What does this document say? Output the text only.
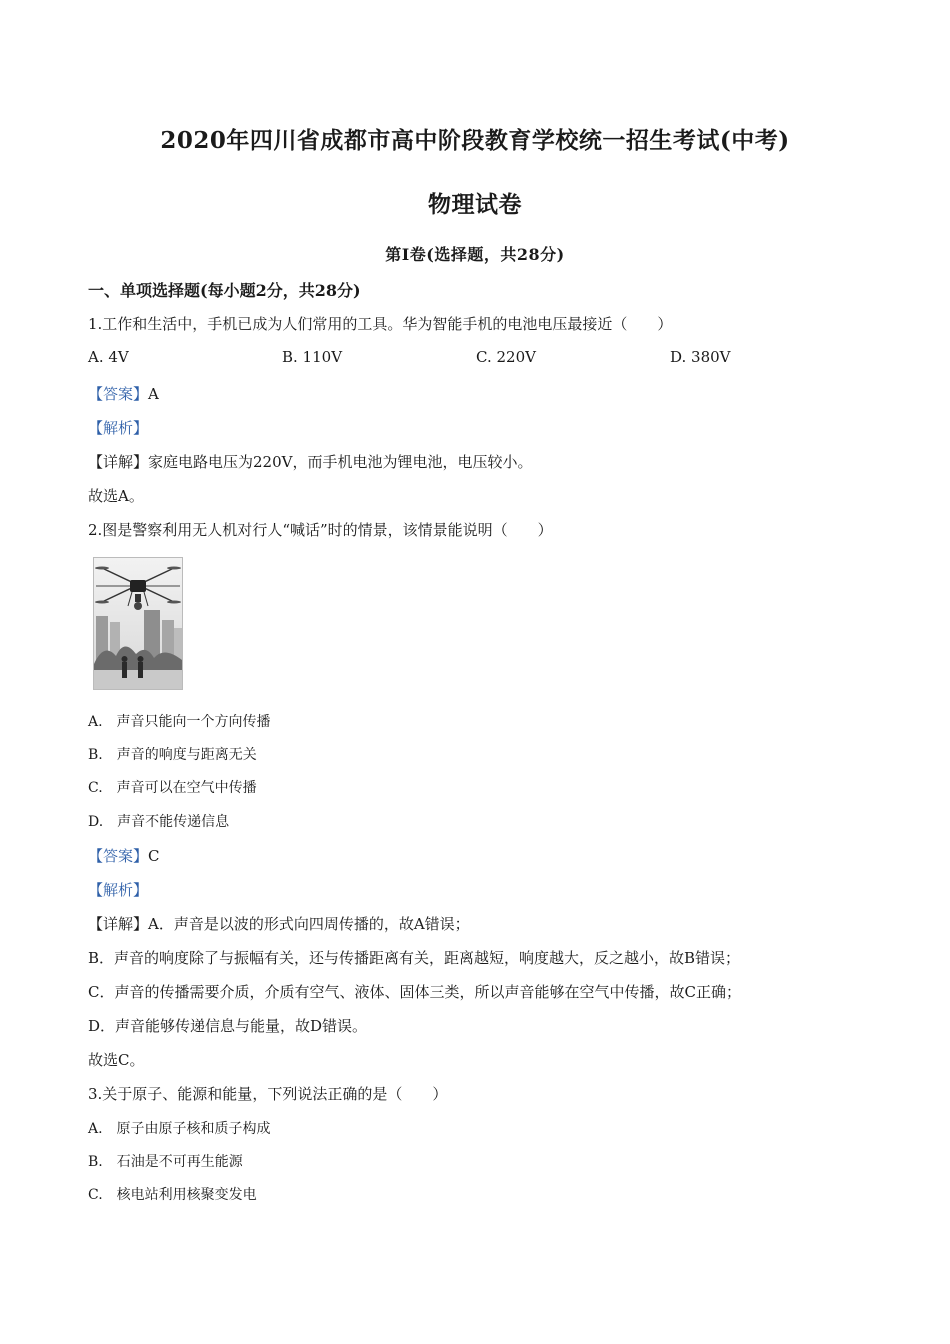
2020年四川省成都市高中阶段教育学校统一招生考试(中考)
物理试卷
第I卷(选择题，共28分)
一、单项选择题(每小题2分，共28分)
1.工作和生活中，手机已成为人们常用的工具。华为智能手机的电池电压最接近（　　）
A. 4V	B. 110V	C. 220V	D. 380V
【答案】A
【解析】
【详解】家庭电路电压为220V，而手机电池为锂电池，电压较小。
故选A。
2.图是警察利用无人机对行人“喊话”时的情景，该情景能说明（　　）
A.　声音只能向一个方向传播
B.　声音的响度与距离无关
C.　声音可以在空气中传播
D.　声音不能传递信息
【答案】C
【解析】
【详解】A．声音是以波的形式向四周传播的，故A错误；
B．声音的响度除了与振幅有关，还与传播距离有关，距离越短，响度越大，反之越小，故B错误；
C．声音的传播需要介质，介质有空气、液体、固体三类，所以声音能够在空气中传播，故C正确；
D．声音能够传递信息与能量，故D错误。
故选C。
3.关于原子、能源和能量，下列说法正确的是（　　）
A.　原子由原子核和质子构成
B.　石油是不可再生能源
C.　核电站利用核聚变发电
